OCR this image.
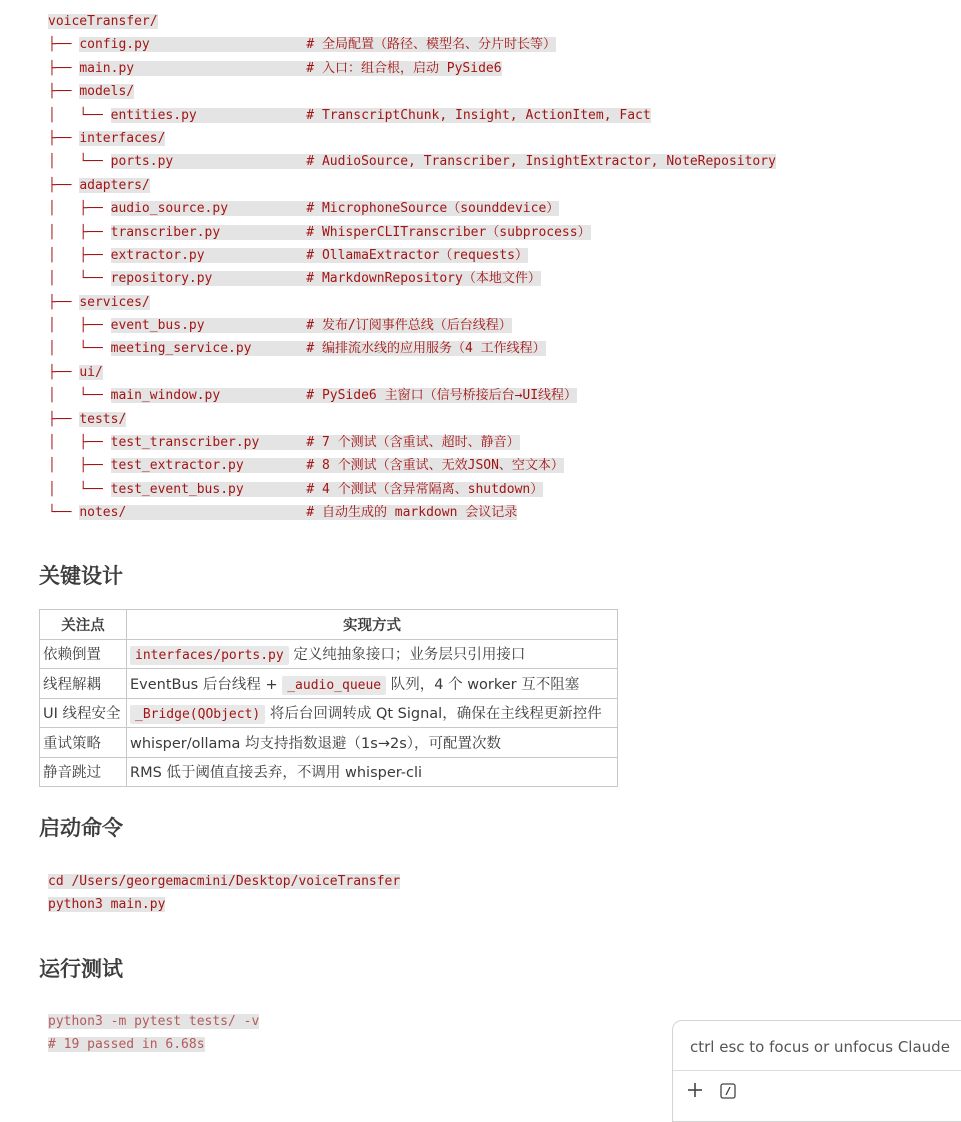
voiceTransfer/
├── config.py	# 全局配置（路径、模型名、分片时长等）
├── main.py	# 入口：组合根，启动 PySide6
├── models/
│   └── entities.py	# TranscriptChunk, Insight, ActionItem, Fact
├── interfaces/
│   └── ports.py	# AudioSource, Transcriber, InsightExtractor, NoteRepository
├── adapters/
│   ├── audio_source.py	# MicrophoneSource（sounddevice）
│   ├── transcriber.py	# WhisperCLITranscriber（subprocess）
│   ├── extractor.py	# OllamaExtractor（requests）
│   └── repository.py	# MarkdownRepository（本地文件）
├── services/
│   ├── event_bus.py	# 发布/订阅事件总线（后台线程）
│   └── meeting_service.py	# 编排流水线的应用服务（4 工作线程）
├── ui/
│   └── main_window.py	# PySide6 主窗口（信号桥接后台→UI线程）
├── tests/
│   ├── test_transcriber.py	# 7 个测试（含重试、超时、静音）
│   ├── test_extractor.py	# 8 个测试（含重试、无效JSON、空文本）
│   └── test_event_bus.py	# 4 个测试（含异常隔离、shutdown）
└── notes/	# 自动生成的 markdown 会议记录
关键设计
关注点	实现方式
依赖倒置	interfaces/ports.py 定义纯抽象接口；业务层只引用接口
线程解耦	EventBus 后台线程 + _audio_queue 队列，4 个 worker 互不阻塞
UI 线程安全	_Bridge(QObject) 将后台回调转成 Qt Signal，确保在主线程更新控件
重试策略	whisper/ollama 均支持指数退避（1s→2s），可配置次数
静音跳过	RMS 低于阈值直接丢弃，不调用 whisper-cli
启动命令
cd /Users/georgemacmini/Desktop/voiceTransfer
python3 main.py
运行测试
python3 -m pytest tests/ -v
# 19 passed in 6.68s	ctrl esc to focus or unfocus Claude
